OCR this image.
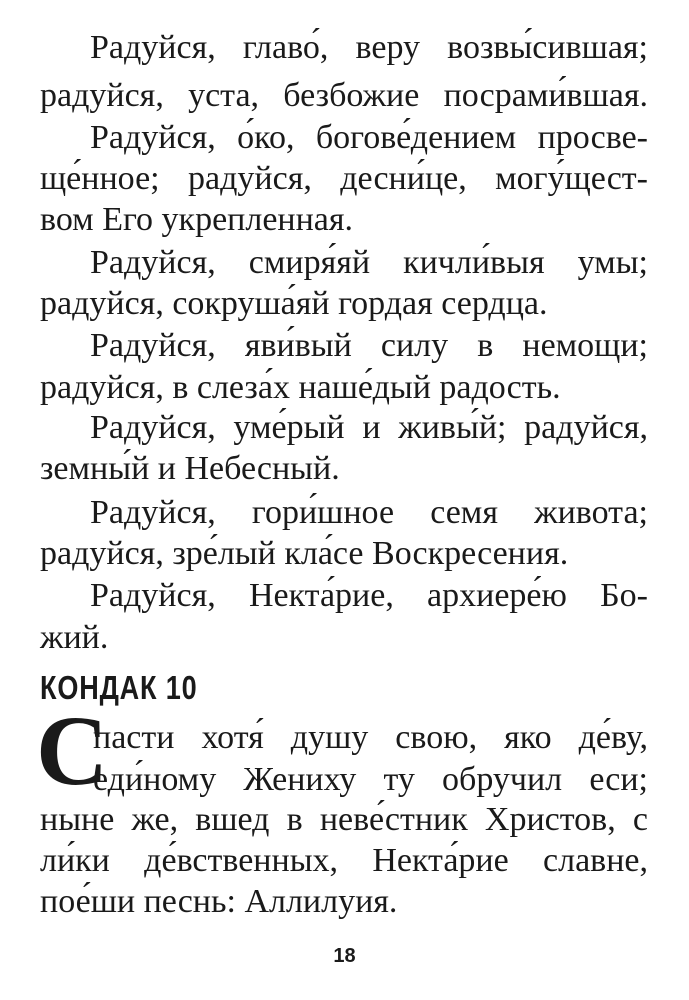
Радуйся, главо́, веру возвы́сившая;
радуйся, уста, безбожие посрами́вшая.
Радуйся, о́ко, богове́дением просве-
ще́нное; радуйся, десни́це, могу́щест-
вом Его укрепленная.
Радуйся, смиря́яй кичли́выя умы;
радуйся, сокруша́яй гордая сердца.
Радуйся, яви́вый силу в немощи;
радуйся, в слеза́х наше́дый радость.
Радуйся, уме́рый и живы́й; радуйся,
земны́й и Небесный.
Радуйся, гори́шное семя живота;
радуйся, зре́лый кла́се Воскресения.
Радуйся, Некта́рие, архиере́ю Бо-
жий.
КОНДАК 10
С
пасти хотя́ душу свою, яко де́ву,
еди́ному Жениху ту обручил еси;
ныне же, вшед в неве́стник Христов, с
ли́ки де́вственных, Некта́рие славне,
пое́ши песнь: Аллилуия.
18
